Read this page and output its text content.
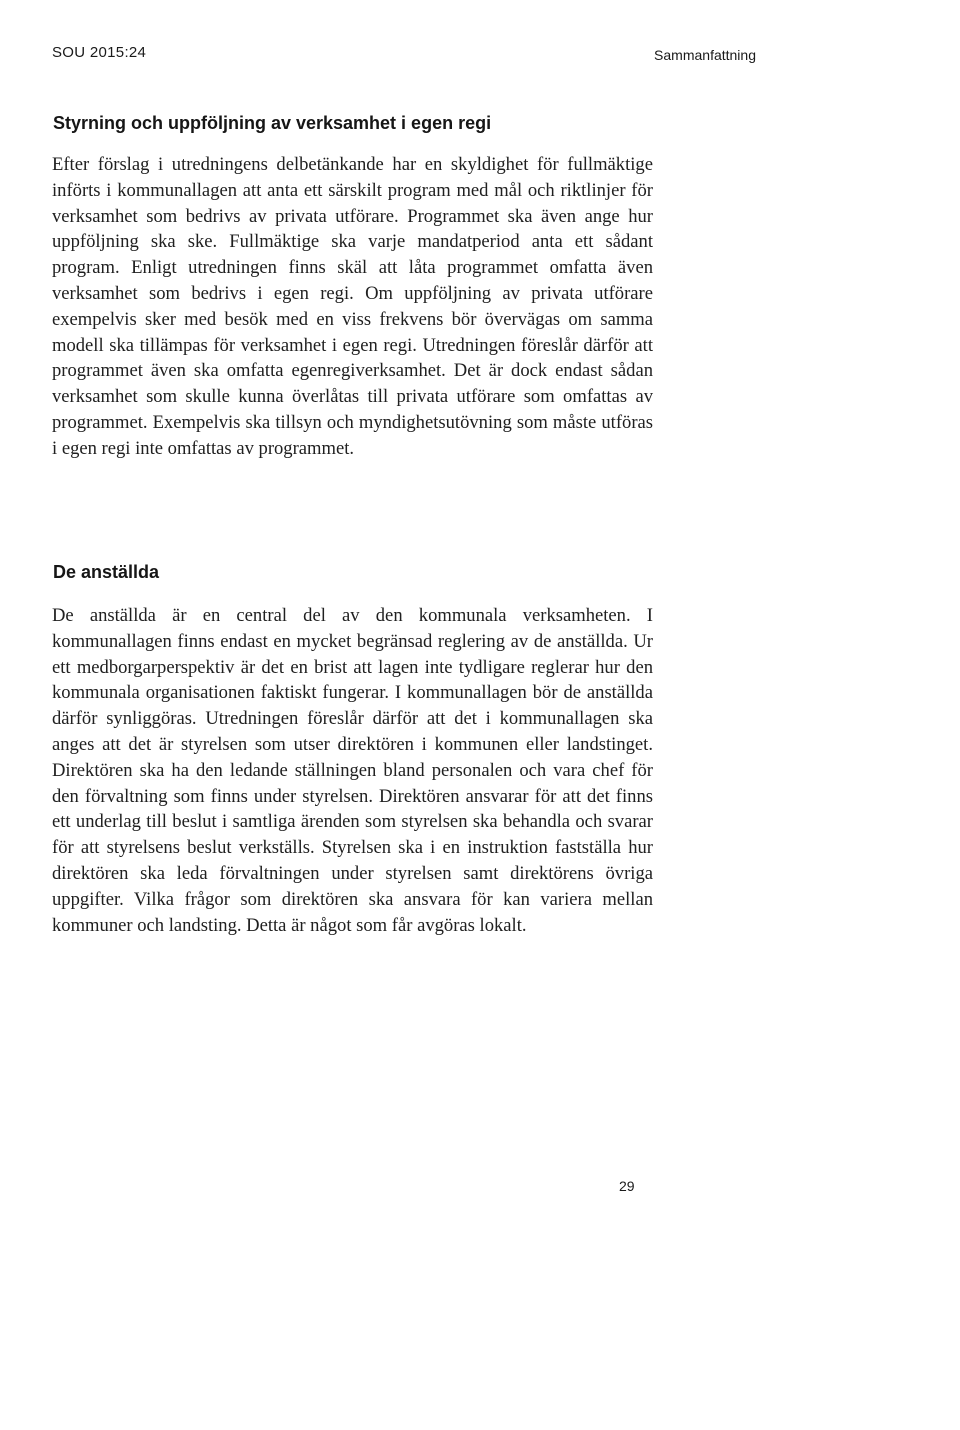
SOU 2015:24	Sammanfattning
Styrning och uppföljning av verksamhet i egen regi

Efter förslag i utredningens delbetänkande har en skyldighet för fullmäktige införts i kommunallagen att anta ett särskilt program med mål och riktlinjer för verksamhet som bedrivs av privata utförare. Programmet ska även ange hur uppföljning ska ske. Fullmäktige ska varje mandatperiod anta ett sådant program. Enligt utredningen finns skäl att låta programmet omfatta även verksamhet som bedrivs i egen regi. Om uppföljning av privata utförare exempelvis sker med besök med en viss frekvens bör övervägas om samma modell ska tillämpas för verksamhet i egen regi. Utredningen föreslår därför att programmet även ska omfatta egenregiverksamhet. Det är dock endast sådan verksamhet som skulle kunna överlåtas till privata utförare som omfattas av programmet. Exempelvis ska tillsyn och myndighetsutövning som måste utföras i egen regi inte omfattas av programmet.

De anställda

De anställda är en central del av den kommunala verksamheten. I kommunallagen finns endast en mycket begränsad reglering av de anställda. Ur ett medborgarperspektiv är det en brist att lagen inte tydligare reglerar hur den kommunala organisationen faktiskt fungerar. I kommunallagen bör de anställda därför synliggöras. Utredningen föreslår därför att det i kommunallagen ska anges att det är styrelsen som utser direktören i kommunen eller landstinget. Direktören ska ha den ledande ställningen bland personalen och vara chef för den förvaltning som finns under styrelsen. Direktören ansvarar för att det finns ett underlag till beslut i samtliga ärenden som styrelsen ska behandla och svarar för att styrelsens beslut verkställs. Styrelsen ska i en instruktion fastställa hur direktören ska leda förvaltningen under styrelsen samt direktörens övriga uppgifter. Vilka frågor som direktören ska ansvara för kan variera mellan kommuner och landsting. Detta är något som får avgöras lokalt.

29
